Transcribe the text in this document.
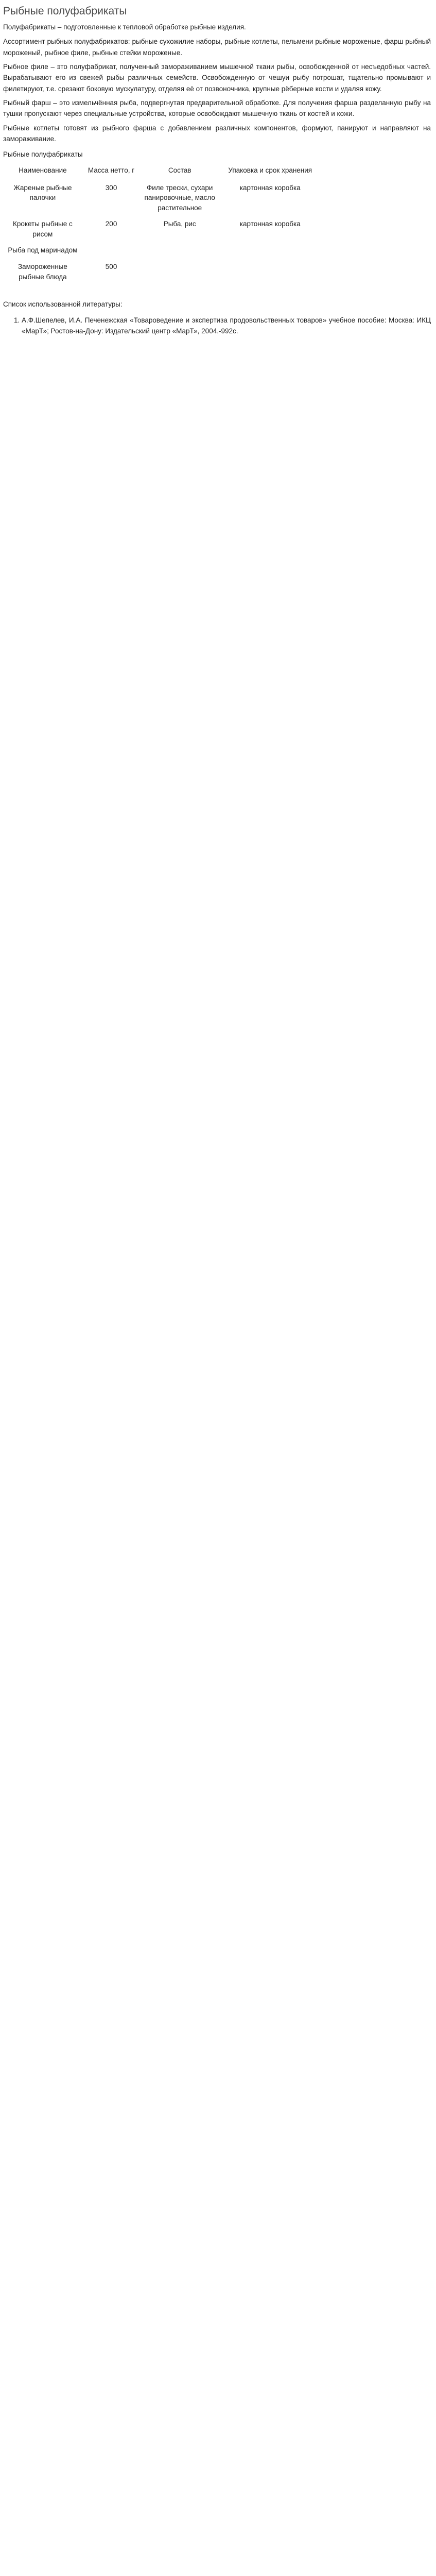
Рыбные полуфабрикаты
Полуфабрикаты – подготовленные к тепловой обработке рыбные изделия.

Ассортимент рыбных полуфабрикатов: рыбные сухожилие наборы, рыбные котлеты, пельмени рыбные мороженые, фарш рыбный мороженый, рыбное филе, рыбные стейки мороженые.

Рыбное филе – это полуфабрикат, полученный замораживанием мышечной ткани рыбы, освобожденной от несъедобных частей. Вырабатывают его из свежей рыбы различных семейств. Освобожденную от чешуи рыбу потрошат, тщательно промывают и филетируют, т.е. срезают боковую мускулатуру, отделяя её от позвоночника, крупные рёберные кости и удаляя кожу.

Рыбный фарш – это измельчённая рыба, подвергнутая предварительной обработке. Для получения фарша разделанную рыбу на тушки пропускают через специальные устройства, которые освобождают мышечную ткань от костей и кожи.

Рыбные котлеты готовят из рыбного фарша с добавлением различных компонентов, формуют, панируют и направляют на замораживание.

Рыбные полуфабрикаты
Наименование	Масса нетто, г	Состав	Упаковка и срок хранения	
Жареные рыбные палочки	300	Филе трески, сухари панировочные, масло растительное	картонная коробка	
Крокеты рыбные с рисом	200	Рыба, рис	картонная коробка	
Рыба под маринадом				
Замороженные рыбные блюда	500			
Список использованной литературы:
1. А.Ф.Шепелев, И.А. Печенежская «Товароведение и экспертиза продовольственных товаров» учебное пособие: Москва: ИКЦ «МарТ»; Ростов-на-Дону: Издательский центр «МарТ», 2004.-992с.
